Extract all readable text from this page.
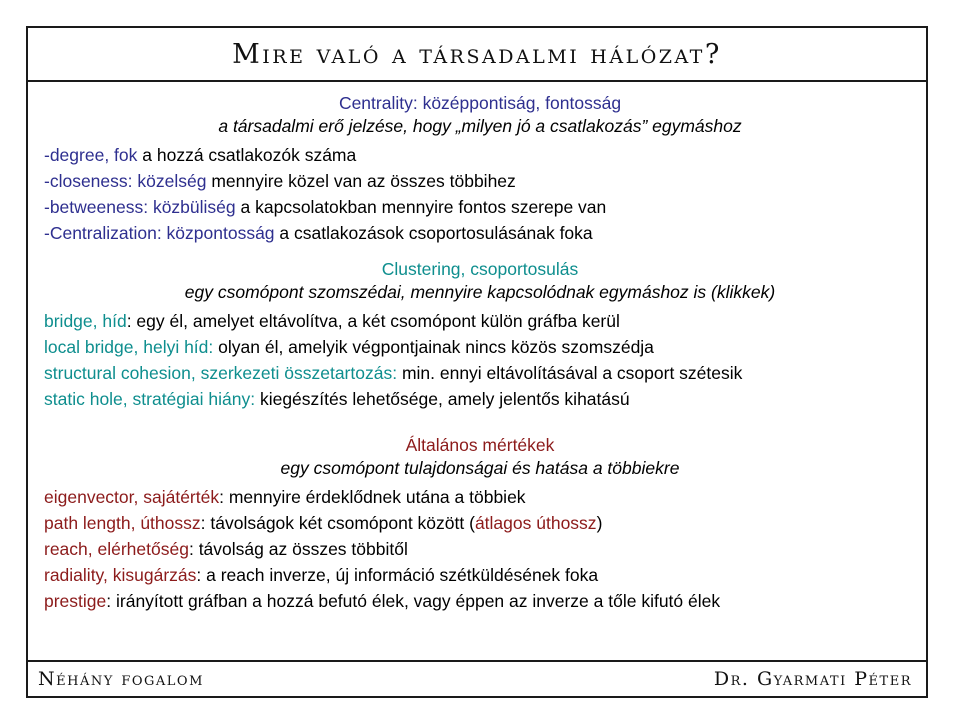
Mire való a társadalmi hálózat?
Centrality: középpontiság, fontosság
a társadalmi erő jelzése, hogy „milyen jó a csatlakozás” egymáshoz
-degree, fok a hozzá csatlakozók száma
-closeness: közelség mennyire közel van az összes többihez
-betweeness: közbüliség a kapcsolatokban mennyire fontos szerepe van
-Centralization: központosság a csatlakozások csoportosulásának foka
Clustering, csoportosulás
egy csomópont szomszédai, mennyire kapcsolódnak egymáshoz is (klikkek)
bridge, híd: egy él, amelyet eltávolítva, a két csomópont külön gráfba kerül
local bridge, helyi híd: olyan él, amelyik végpontjainak nincs közös szomszédja
structural cohesion, szerkezeti összetartozás: min. ennyi eltávolításával a csoport szétesik
static hole, stratégiai hiány: kiegészítés lehetősége, amely jelentős kihatású
Általános mértékek
egy csomópont tulajdonságai és hatása a többiekre
eigenvector, sajátérték: mennyire érdeklődnek utána a többiek
path length, úthossz: távolságok két csomópont között (átlagos úthossz)
reach, elérhetőség: távolság az összes többitől
radiality, kisugárzás: a reach inverze, új információ szétküldésének foka
prestige: irányított gráfban a hozzá befutó élek, vagy éppen az inverze a tőle kifutó élek
Néhány fogalom	Dr. Gyarmati Péter
